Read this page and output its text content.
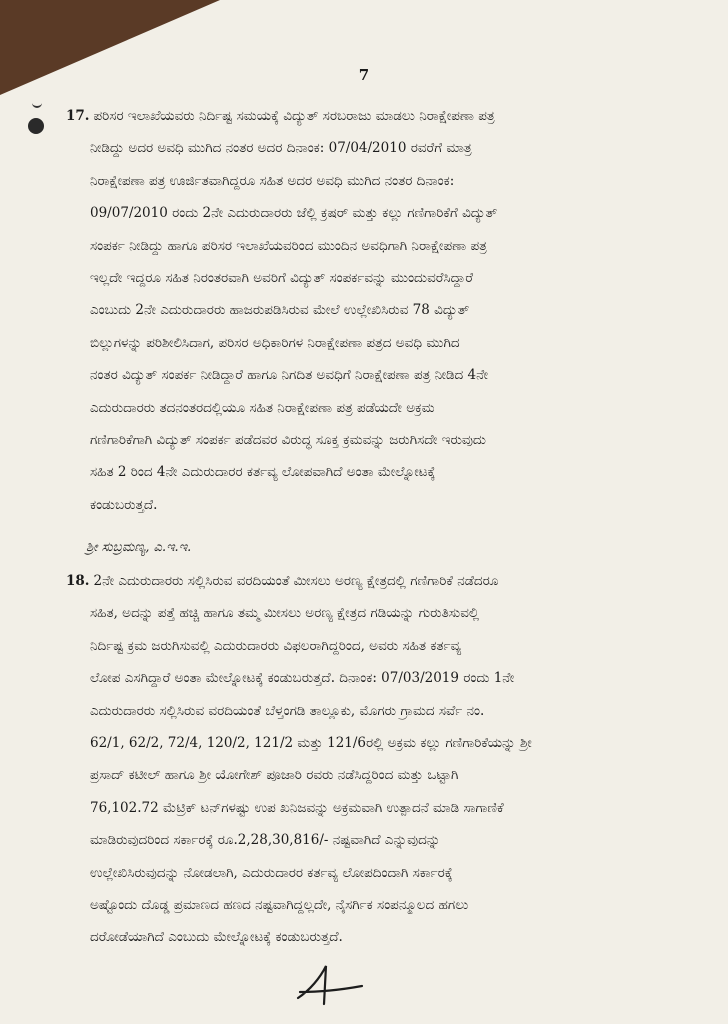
7
17. ಪರಿಸರ ಇಲಾಖೆಯವರು ನಿರ್ದಿಷ್ಟ ಸಮಯಕ್ಕೆ ವಿದ್ಯುತ್ ಸರಬರಾಜು ಮಾಡಲು ನಿರಾಕ್ಷೇಪಣಾ ಪತ್ರ
ನೀಡಿದ್ದು ಅದರ ಅವಧಿ ಮುಗಿದ ನಂತರ ಅದರ ದಿನಾಂಕ: 07/04/2010 ರವರೆಗೆ ಮಾತ್ರ
ನಿರಾಕ್ಷೇಪಣಾ ಪತ್ರ ಊರ್ಜಿತವಾಗಿದ್ದರೂ ಸಹಿತ ಅದರ ಅವಧಿ ಮುಗಿದ ನಂತರ ದಿನಾಂಕ:
09/07/2010 ರಂದು 2ನೇ ಎದುರುದಾರರು ಜೆಲ್ಲಿ ಕ್ರಷರ್ ಮತ್ತು ಕಲ್ಲು ಗಣಿಗಾರಿಕೆಗೆ ವಿದ್ಯುತ್
ಸಂಪರ್ಕ ನೀಡಿದ್ದು ಹಾಗೂ ಪರಿಸರ ಇಲಾಖೆಯವರಿಂದ ಮುಂದಿನ ಅವಧಿಗಾಗಿ ನಿರಾಕ್ಷೇಪಣಾ ಪತ್ರ
ಇಲ್ಲದೇ ಇದ್ದರೂ ಸಹಿತ ನಿರಂತರವಾಗಿ ಅವರಿಗೆ ವಿದ್ಯುತ್ ಸಂಪರ್ಕವನ್ನು ಮುಂದುವರೆಸಿದ್ದಾರೆ
ಎಂಬುದು 2ನೇ ಎದುರುದಾರರು ಹಾಜರುಪಡಿಸಿರುವ ಮೇಲೆ ಉಲ್ಲೇಖಿಸಿರುವ 78 ವಿದ್ಯುತ್
ಬಿಲ್ಲುಗಳನ್ನು ಪರಿಶೀಲಿಸಿದಾಗ, ಪರಿಸರ ಅಧಿಕಾರಿಗಳ ನಿರಾಕ್ಷೇಪಣಾ ಪತ್ರದ ಅವಧಿ ಮುಗಿದ
ನಂತರ ವಿದ್ಯುತ್ ಸಂಪರ್ಕ ನೀಡಿದ್ದಾರೆ ಹಾಗೂ ನಿಗದಿತ ಅವಧಿಗೆ ನಿರಾಕ್ಷೇಪಣಾ ಪತ್ರ ನೀಡಿದ 4ನೇ
ಎದುರುದಾರರು ತದನಂತರದಲ್ಲಿಯೂ ಸಹಿತ ನಿರಾಕ್ಷೇಪಣಾ ಪತ್ರ ಪಡೆಯದೇ ಅಕ್ರಮ
ಗಣಿಗಾರಿಕೆಗಾಗಿ ವಿದ್ಯುತ್ ಸಂಪರ್ಕ ಪಡೆದವರ ವಿರುದ್ಧ ಸೂಕ್ತ ಕ್ರಮವನ್ನು ಜರುಗಿಸದೇ ಇರುವುದು
ಸಹಿತ 2 ರಿಂದ 4ನೇ ಎದುರುದಾರರ ಕರ್ತವ್ಯ ಲೋಪವಾಗಿದೆ ಅಂತಾ ಮೇಲ್ನೋಟಕ್ಕೆ
ಕಂಡುಬರುತ್ತದೆ.
ಶ್ರೀ ಸುಬ್ರಮಣ್ಯ, ಎ.ಇ.ಇ.
18. 2ನೇ ಎದುರುದಾರರು ಸಲ್ಲಿಸಿರುವ ವರದಿಯಂತೆ ಮೀಸಲು ಅರಣ್ಯ ಕ್ಷೇತ್ರದಲ್ಲಿ ಗಣಿಗಾರಿಕೆ ನಡೆದರೂ
ಸಹಿತ, ಅದನ್ನು ಪತ್ತೆ ಹಚ್ಚಿ ಹಾಗೂ ತಮ್ಮ ಮೀಸಲು ಅರಣ್ಯ ಕ್ಷೇತ್ರದ ಗಡಿಯನ್ನು ಗುರುತಿಸುವಲ್ಲಿ
ನಿರ್ದಿಷ್ಟ ಕ್ರಮ ಜರುಗಿಸುವಲ್ಲಿ ಎದುರುದಾರರು ವಿಫಲರಾಗಿದ್ದರಿಂದ, ಅವರು ಸಹಿತ ಕರ್ತವ್ಯ
ಲೋಪ ಎಸಗಿದ್ದಾರೆ ಅಂತಾ ಮೇಲ್ನೋಟಕ್ಕೆ ಕಂಡುಬರುತ್ತದೆ. ದಿನಾಂಕ: 07/03/2019 ರಂದು 1ನೇ
ಎದುರುದಾರರು ಸಲ್ಲಿಸಿರುವ ವರದಿಯಂತೆ ಬೆಳ್ತಂಗಡಿ ತಾಲ್ಲೂಕು, ಮೊಗರು ಗ್ರಾಮದ ಸರ್ವೆ ನಂ.
62/1, 62/2, 72/4, 120/2, 121/2 ಮತ್ತು 121/6ರಲ್ಲಿ ಅಕ್ರಮ ಕಲ್ಲು ಗಣಿಗಾರಿಕೆಯನ್ನು ಶ್ರೀ
ಪ್ರಸಾದ್ ಕಟೀಲ್ ಹಾಗೂ ಶ್ರೀ ಯೋಗೇಶ್ ಪೂಜಾರಿ ರವರು ನಡೆಸಿದ್ದರಿಂದ ಮತ್ತು ಒಟ್ಟಾಗಿ
76,102.72 ಮೆಟ್ರಿಕ್ ಟನ್‌ಗಳಷ್ಟು ಉಪ ಖನಿಜವನ್ನು ಅಕ್ರಮವಾಗಿ ಉತ್ಪಾದನೆ ಮಾಡಿ ಸಾಗಾಣಿಕೆ
ಮಾಡಿರುವುದರಿಂದ ಸರ್ಕಾರಕ್ಕೆ ರೂ.2,28,30,816/- ನಷ್ಟವಾಗಿದೆ ಎನ್ನುವುದನ್ನು
ಉಲ್ಲೇಖಿಸಿರುವುದನ್ನು ನೋಡಲಾಗಿ, ಎದುರುದಾರರ ಕರ್ತವ್ಯ ಲೋಪದಿಂದಾಗಿ ಸರ್ಕಾರಕ್ಕೆ
ಅಷ್ಟೊಂದು ದೊಡ್ಡ ಪ್ರಮಾಣದ ಹಣದ ನಷ್ಟವಾಗಿದ್ದಲ್ಲದೇ, ನೈಸರ್ಗಿಕ ಸಂಪನ್ಮೂಲದ ಹಗಲು
ದರೋಡೆಯಾಗಿದೆ ಎಂಬುದು ಮೇಲ್ನೋಟಕ್ಕೆ ಕಂಡುಬರುತ್ತದೆ.
